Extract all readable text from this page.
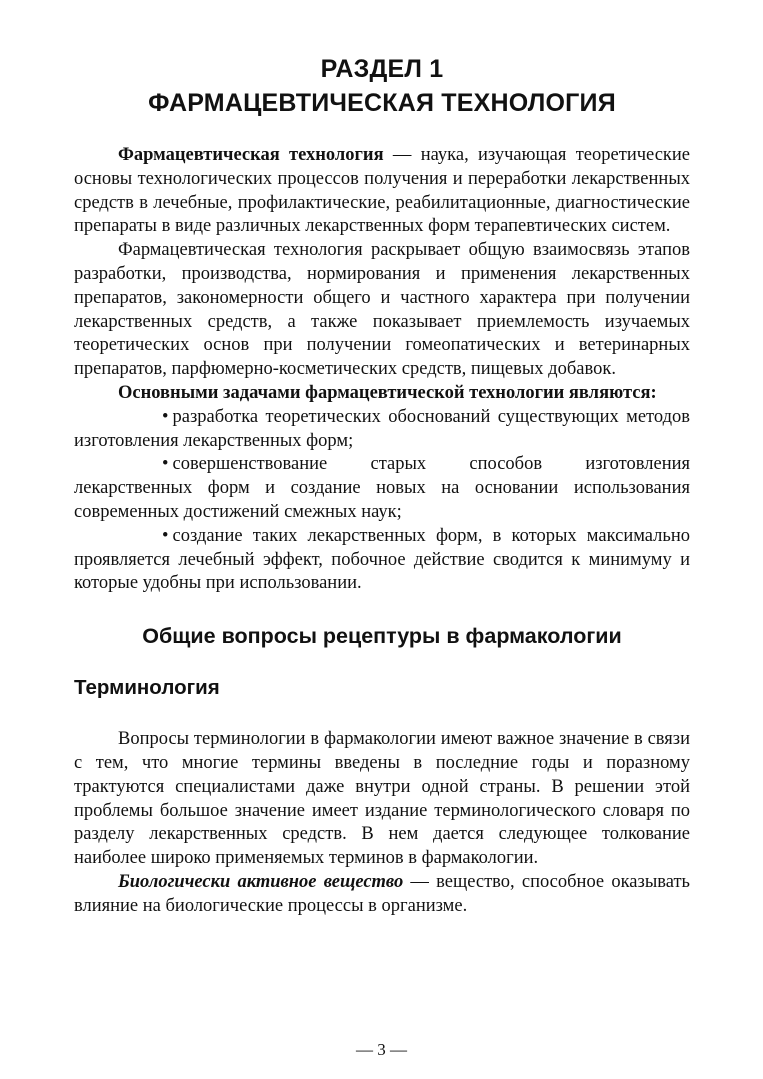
РАЗДЕЛ 1
ФАРМАЦЕВТИЧЕСКАЯ ТЕХНОЛОГИЯ

Фармацевтическая технология — наука, изучающая теоретические основы технологических процессов получения и переработки лекарственных средств в лечебные, профилактические, реабилитационные, диагностические препараты в виде различных лекарственных форм терапевтических систем.

Фармацевтическая технология раскрывает общую взаимосвязь этапов разработки, производства, нормирования и применения лекарственных препаратов, закономерности общего и частного характера при получении лекарственных средств, а также показывает приемлемость изучаемых теоретических основ при получении гомеопатических и ветеринарных препаратов, парфюмерно-косметических средств, пищевых добавок.

Основными задачами фармацевтической технологии являются:

• разработка теоретических обоснований существующих методов изготовления лекарственных форм;

• совершенствование старых способов изготовления лекарственных форм и создание новых на основании использования современных достижений смежных наук;

• создание таких лекарственных форм, в которых максимально проявляется лечебный эффект, побочное действие сводится к минимуму и которые удобны при использовании.

Общие вопросы рецептуры в фармакологии
Терминология

Вопросы терминологии в фармакологии имеют важное значение в связи с тем, что многие термины введены в последние годы и поразному трактуются специалистами даже внутри одной страны. В решении этой проблемы большое значение имеет издание терминологического словаря по разделу лекарственных средств. В нем дается следующее толкование наиболее широко применяемых терминов в фармакологии.

Биологически активное вещество — вещество, способное оказывать влияние на биологические процессы в организме.

— 3 —
